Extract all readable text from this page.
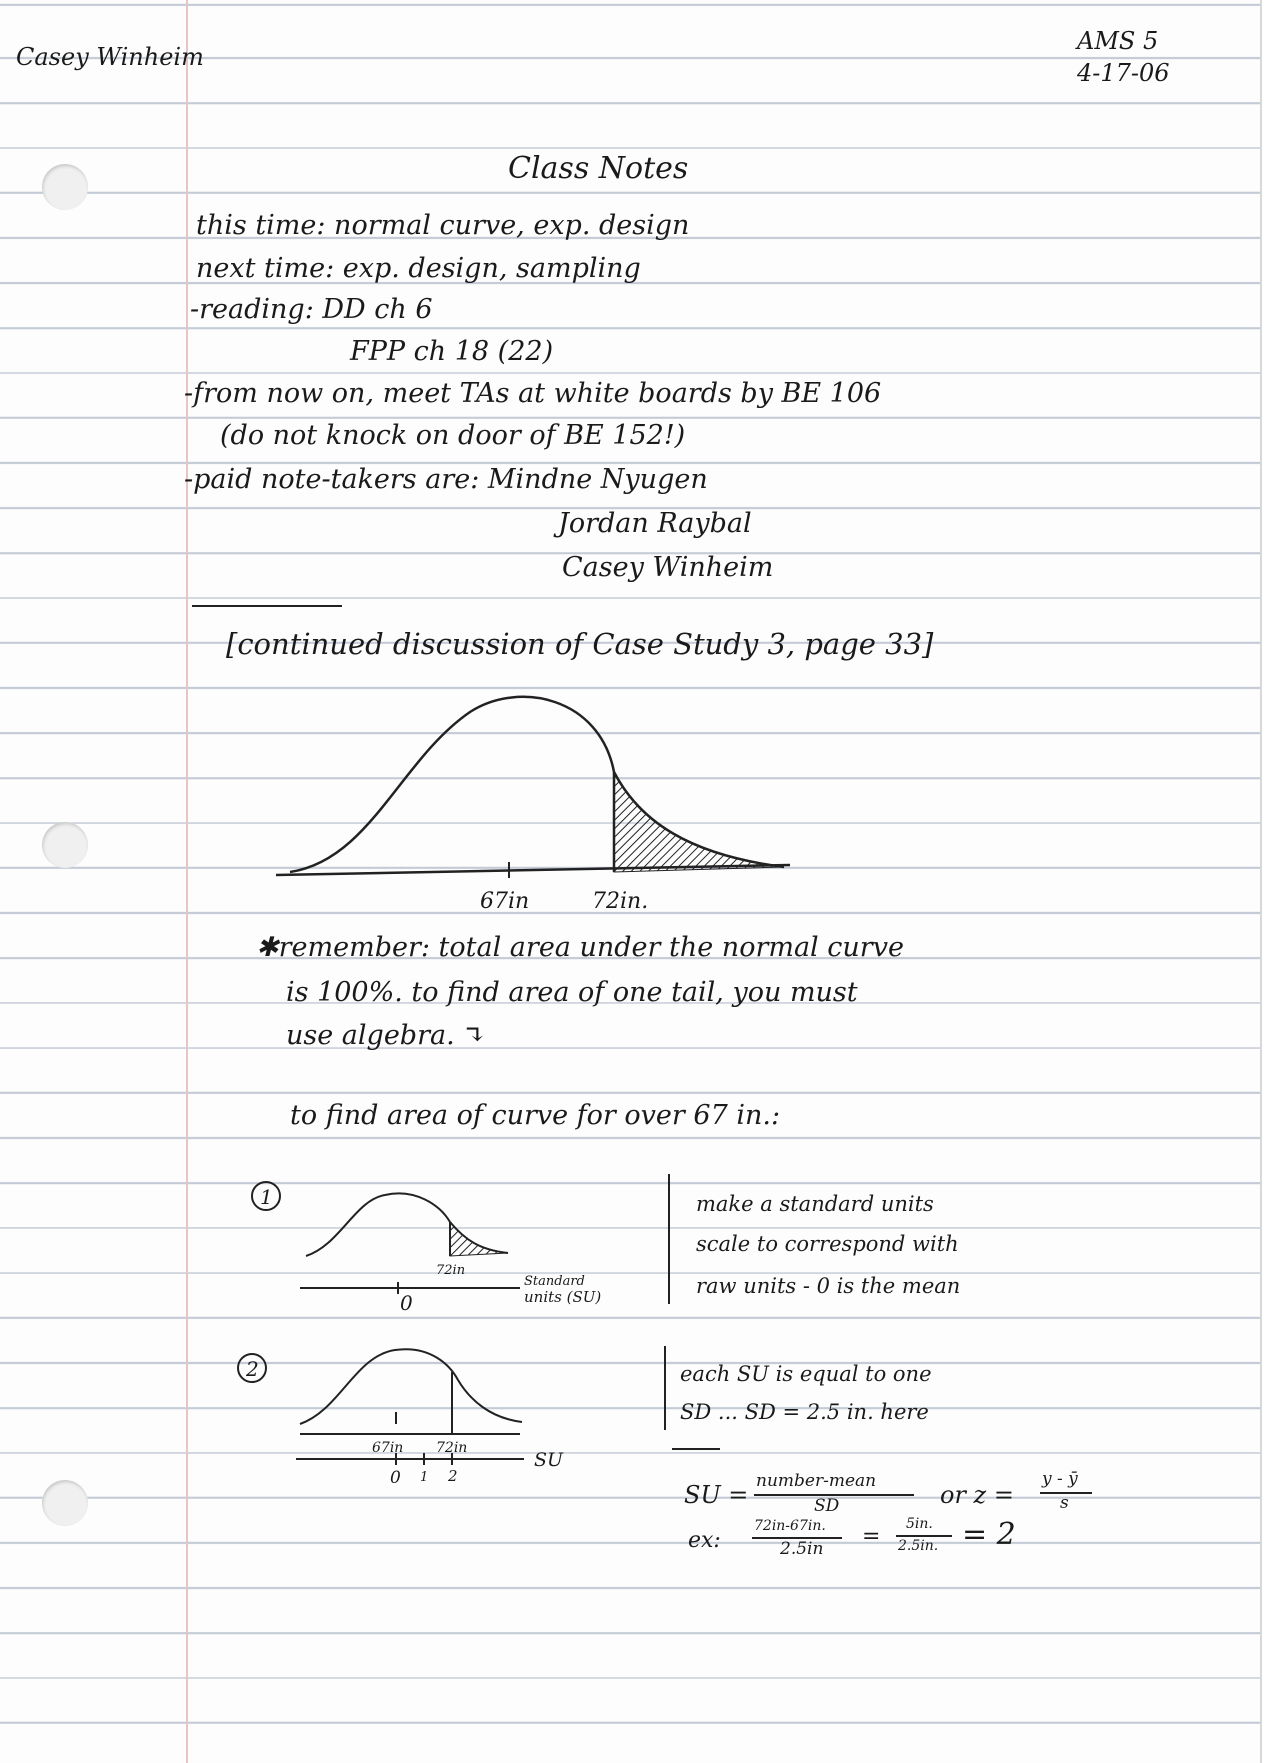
Casey Winheim

AMS 5

4-17-06

Class Notes

this time: normal curve, exp. design

next time: exp. design, sampling

-reading: DD ch 6

FPP ch 18 (22)

-from now on, meet TAs at white boards by BE 106

(do not knock on door of BE 152!)

-paid note-takers are: Mindne Nyugen

Jordan Raybal

Casey Winheim

[continued discussion of Case Study 3, page 33]

67in	72in.

✱remember: total area under the normal curve

is 100%. to find area of one tail, you must

use algebra. ↴

to find area of curve for over 67 in.:

1
72in
0
Standard
units (SU)

make a standard units

scale to correspond with

raw units - 0 is the mean

2
67in 72in
0 1 2
SU

each SU is equal to one

SD ... SD = 2.5 in. here

SU = number-mean

SD	or z =

y - ȳ

s

ex:

72in-67in.

2.5in = 5in.

2.5in. = 2
